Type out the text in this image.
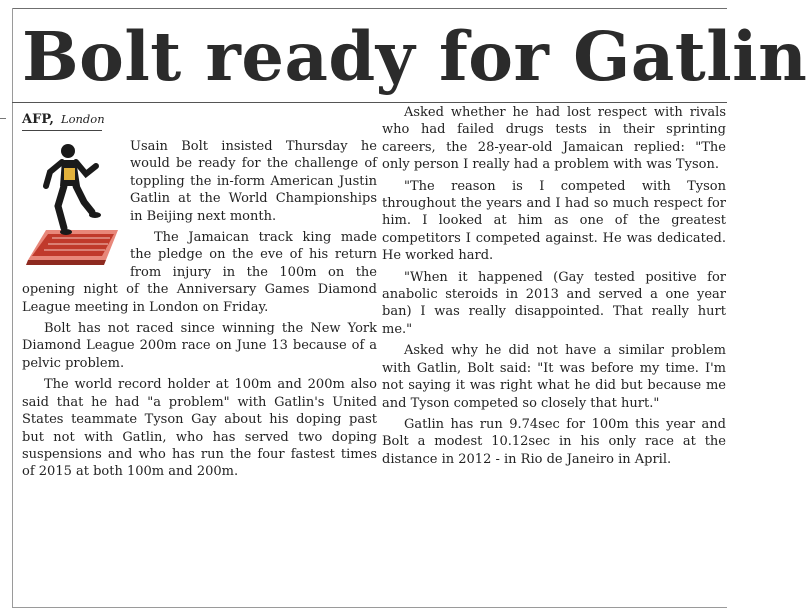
Bolt ready for Gatlin
AFP, London

Usain Bolt insisted Thursday he would be ready for the challenge of toppling the in-form American Justin Gatlin at the World Championships in Beijing next month.

The Jamaican track king made the pledge on the eve of his return from injury in the 100m on the opening night of the Anniversary Games Diamond League meeting in London on Friday.

Bolt has not raced since winning the New York Diamond League 200m race on June 13 because of a pelvic problem.

The world record holder at 100m and 200m also said that he had "a problem" with Gatlin's United States teammate Tyson Gay about his doping past but not with Gatlin, who has served two doping suspensions and who has run the four fastest times of 2015 at both 100m and 200m.

Asked whether he had lost respect with rivals who had failed drugs tests in their sprinting careers, the 28-year-old Jamaican replied: "The only person I really had a problem with was Tyson.

"The reason is I competed with Tyson throughout the years and I had so much respect for him. I looked at him as one of the greatest competitors I competed against. He was dedicated. He worked hard.

"When it happened (Gay tested positive for anabolic steroids in 2013 and served a one year ban) I was really disappointed. That really hurt me."

Asked why he did not have a similar problem with Gatlin, Bolt said: "It was before my time. I'm not saying it was right what he did but because me and Tyson competed so closely that hurt."

Gatlin has run 9.74sec for 100m this year and Bolt a modest 10.12sec in his only race at the distance in 2012 - in Rio de Janeiro in April.
